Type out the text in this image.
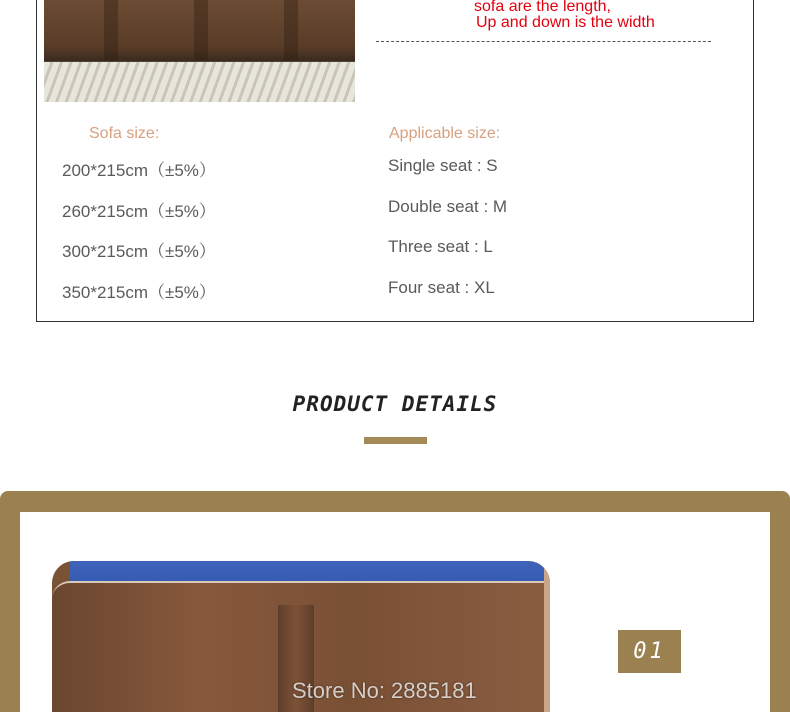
sofa are the length,
Up and down is the width
Sofa size:	Applicable size:
200*215cm（±5%）	Single seat : S
260*215cm（±5%）	Double seat : M
300*215cm（±5%）	Three seat : L
350*215cm（±5%）	Four seat : XL
PRODUCT DETAILS
Store No: 2885181
01
